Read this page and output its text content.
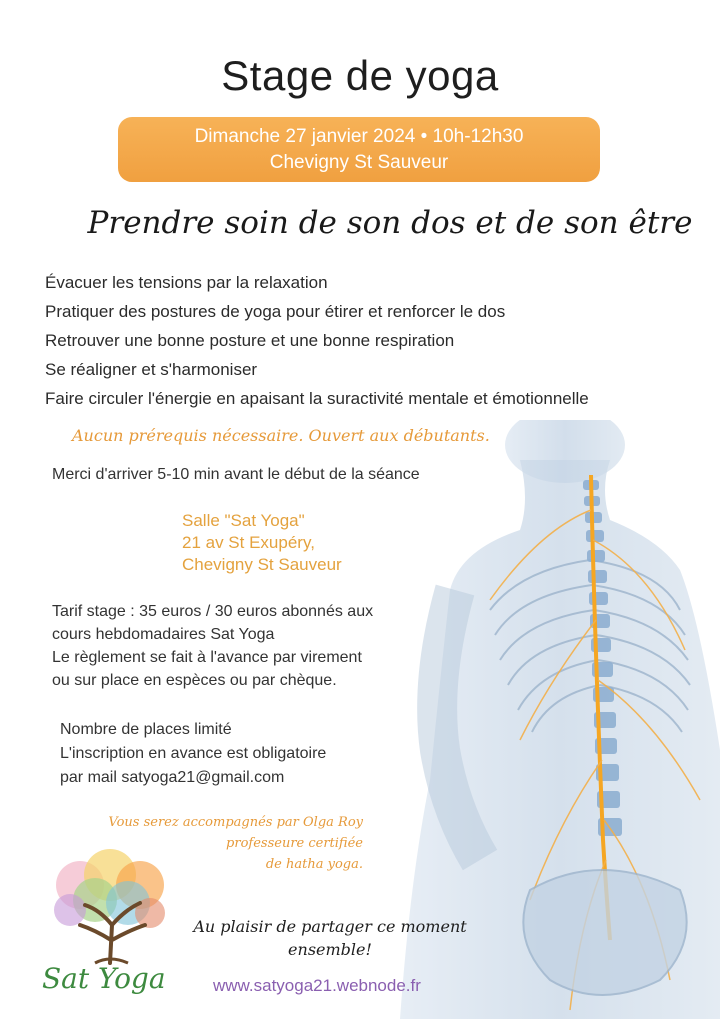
Stage de yoga
Dimanche 27 janvier 2024 • 10h-12h30
Chevigny St Sauveur
Prendre soin de son dos et de son être
Évacuer les tensions par la relaxation
Pratiquer des postures de yoga pour étirer et renforcer le dos
Retrouver une bonne posture et une bonne respiration
Se réaligner et s'harmoniser
Faire circuler l'énergie en apaisant la suractivité mentale et émotionnelle
Aucun prérequis nécessaire. Ouvert aux débutants.
Merci d'arriver 5-10 min avant le début de la séance
Salle "Sat Yoga"
21 av St Exupéry,
Chevigny St Sauveur
Tarif stage : 35 euros / 30 euros abonnés aux
cours hebdomadaires Sat Yoga
Le règlement se fait à l'avance par virement
ou sur place en espèces ou par chèque.
Nombre de places limité
L'inscription en avance est obligatoire
par mail satyoga21@gmail.com
Vous serez accompagnés par Olga Roy
professeure certifiée
de hatha yoga.
Sat Yoga
Au plaisir de partager ce moment
ensemble!
www.satyoga21.webnode.fr
